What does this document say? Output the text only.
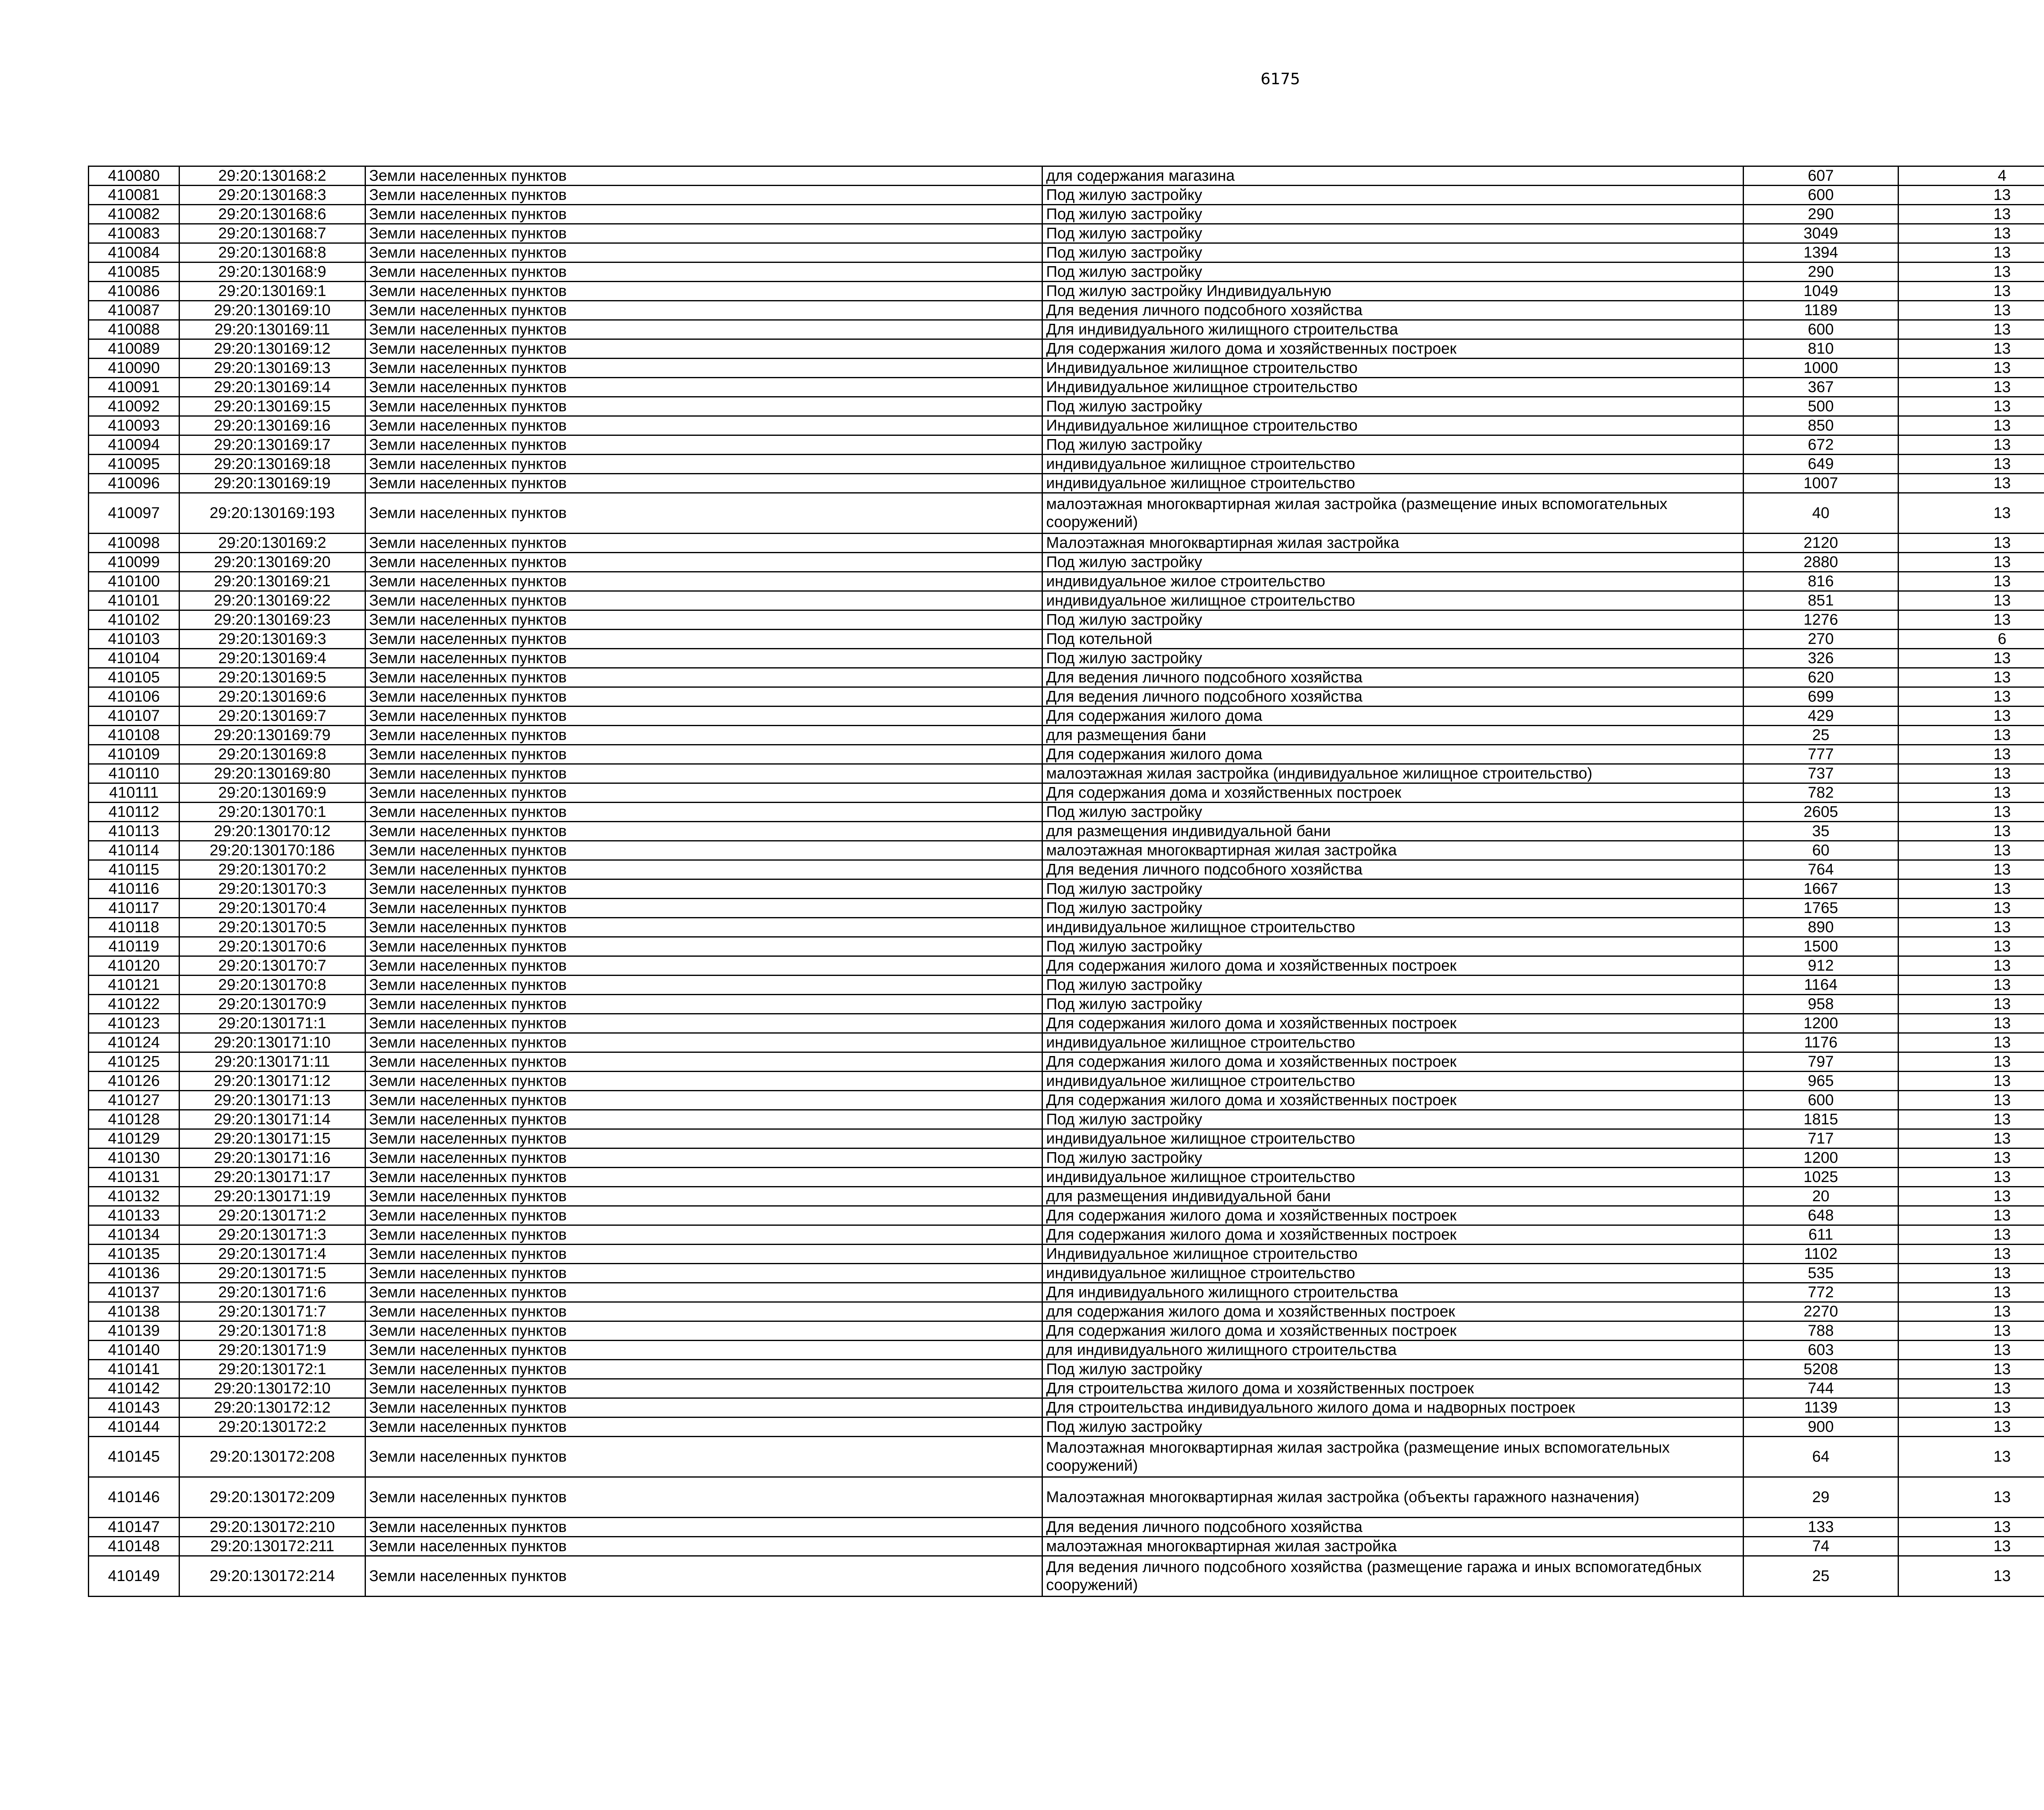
6175
410080	29:20:130168:2	Земли населенных пунктов	для содержания магазина	607	4		
410081	29:20:130168:3	Земли населенных пунктов	Под жилую застройку	600	13		
410082	29:20:130168:6	Земли населенных пунктов	Под жилую застройку	290	13		
410083	29:20:130168:7	Земли населенных пунктов	Под жилую застройку	3049	13		
410084	29:20:130168:8	Земли населенных пунктов	Под жилую застройку	1394	13		
410085	29:20:130168:9	Земли населенных пунктов	Под жилую застройку	290	13		
410086	29:20:130169:1	Земли населенных пунктов	Под жилую застройку Индивидуальную	1049	13		
410087	29:20:130169:10	Земли населенных пунктов	Для ведения личного подсобного хозяйства	1189	13		
410088	29:20:130169:11	Земли населенных пунктов	Для индивидуального жилищного строительства	600	13		
410089	29:20:130169:12	Земли населенных пунктов	Для содержания жилого дома и хозяйственных построек	810	13		
410090	29:20:130169:13	Земли населенных пунктов	Индивидуальное жилищное строительство	1000	13		
410091	29:20:130169:14	Земли населенных пунктов	Индивидуальное жилищное строительство	367	13		
410092	29:20:130169:15	Земли населенных пунктов	Под жилую застройку	500	13		
410093	29:20:130169:16	Земли населенных пунктов	Индивидуальное жилищное строительство	850	13		
410094	29:20:130169:17	Земли населенных пунктов	Под жилую застройку	672	13		
410095	29:20:130169:18	Земли населенных пунктов	индивидуальное жилищное строительство	649	13		
410096	29:20:130169:19	Земли населенных пунктов	индивидуальное жилищное строительство	1007	13		
410097	29:20:130169:193	Земли населенных пунктов	малоэтажная многоквартирная жилая застройка (размещение иных вспомогательных сооружений)	40	13		
410098	29:20:130169:2	Земли населенных пунктов	Малоэтажная многоквартирная жилая застройка	2120	13		
410099	29:20:130169:20	Земли населенных пунктов	Под жилую застройку	2880	13		
410100	29:20:130169:21	Земли населенных пунктов	индивидуальное жилое строительство	816	13		
410101	29:20:130169:22	Земли населенных пунктов	индивидуальное жилищное строительство	851	13		
410102	29:20:130169:23	Земли населенных пунктов	Под жилую застройку	1276	13		
410103	29:20:130169:3	Земли населенных пунктов	Под котельной	270	6		
410104	29:20:130169:4	Земли населенных пунктов	Под жилую застройку	326	13		
410105	29:20:130169:5	Земли населенных пунктов	Для ведения личного подсобного хозяйства	620	13		
410106	29:20:130169:6	Земли населенных пунктов	Для ведения личного подсобного хозяйства	699	13		
410107	29:20:130169:7	Земли населенных пунктов	Для содержания жилого дома	429	13		
410108	29:20:130169:79	Земли населенных пунктов	для размещения бани	25	13		
410109	29:20:130169:8	Земли населенных пунктов	Для содержания жилого дома	777	13		
410110	29:20:130169:80	Земли населенных пунктов	малоэтажная жилая застройка (индивидуальное жилищное строительство)	737	13		
410111	29:20:130169:9	Земли населенных пунктов	Для содержания дома и хозяйственных построек	782	13		
410112	29:20:130170:1	Земли населенных пунктов	Под жилую застройку	2605	13		
410113	29:20:130170:12	Земли населенных пунктов	для размещения индивидуальной бани	35	13		
410114	29:20:130170:186	Земли населенных пунктов	малоэтажная многоквартирная жилая застройка	60	13		
410115	29:20:130170:2	Земли населенных пунктов	Для ведения личного подсобного хозяйства	764	13		
410116	29:20:130170:3	Земли населенных пунктов	Под жилую застройку	1667	13		
410117	29:20:130170:4	Земли населенных пунктов	Под жилую застройку	1765	13		
410118	29:20:130170:5	Земли населенных пунктов	индивидуальное жилищное строительство	890	13		
410119	29:20:130170:6	Земли населенных пунктов	Под жилую застройку	1500	13		
410120	29:20:130170:7	Земли населенных пунктов	Для содержания жилого дома и хозяйственных построек	912	13		
410121	29:20:130170:8	Земли населенных пунктов	Под жилую застройку	1164	13		
410122	29:20:130170:9	Земли населенных пунктов	Под жилую застройку	958	13		
410123	29:20:130171:1	Земли населенных пунктов	Для содержания жилого дома и хозяйственных построек	1200	13		
410124	29:20:130171:10	Земли населенных пунктов	индивидуальное жилищное строительство	1176	13		
410125	29:20:130171:11	Земли населенных пунктов	Для содержания жилого дома и хозяйственных построек	797	13		
410126	29:20:130171:12	Земли населенных пунктов	индивидуальное жилищное строительство	965	13		
410127	29:20:130171:13	Земли населенных пунктов	Для содержания жилого дома и хозяйственных построек	600	13		
410128	29:20:130171:14	Земли населенных пунктов	Под жилую застройку	1815	13		
410129	29:20:130171:15	Земли населенных пунктов	индивидуальное жилищное строительство	717	13		
410130	29:20:130171:16	Земли населенных пунктов	Под жилую застройку	1200	13		
410131	29:20:130171:17	Земли населенных пунктов	индивидуальное жилищное строительство	1025	13		
410132	29:20:130171:19	Земли населенных пунктов	для размещения индивидуальной бани	20	13		
410133	29:20:130171:2	Земли населенных пунктов	Для содержания жилого дома и хозяйственных построек	648	13		
410134	29:20:130171:3	Земли населенных пунктов	Для содержания жилого дома и хозяйственных построек	611	13		
410135	29:20:130171:4	Земли населенных пунктов	Индивидуальное жилищное строительство	1102	13		
410136	29:20:130171:5	Земли населенных пунктов	индивидуальное жилищное строительство	535	13		
410137	29:20:130171:6	Земли населенных пунктов	Для индивидуального жилищного строительства	772	13		
410138	29:20:130171:7	Земли населенных пунктов	для содержания жилого дома и хозяйственных построек	2270	13		
410139	29:20:130171:8	Земли населенных пунктов	Для содержания жилого дома и хозяйственных построек	788	13		
410140	29:20:130171:9	Земли населенных пунктов	для индивидуального жилищного строительства	603	13		
410141	29:20:130172:1	Земли населенных пунктов	Под жилую застройку	5208	13		
410142	29:20:130172:10	Земли населенных пунктов	Для строительства жилого дома и хозяйственных построек	744	13		
410143	29:20:130172:12	Земли населенных пунктов	Для строительства индивидуального жилого дома и надворных построек	1139	13		
410144	29:20:130172:2	Земли населенных пунктов	Под жилую застройку	900	13		
410145	29:20:130172:208	Земли населенных пунктов	Малоэтажная многоквартирная жилая застройка (размещение иных вспомогательных сооружений)	64	13		
410146	29:20:130172:209	Земли населенных пунктов	Малоэтажная многоквартирная жилая застройка (объекты гаражного назначения)	29	13		
410147	29:20:130172:210	Земли населенных пунктов	Для ведения личного подсобного хозяйства	133	13		
410148	29:20:130172:211	Земли населенных пунктов	малоэтажная многоквартирная жилая застройка	74	13		
410149	29:20:130172:214	Земли населенных пунктов	Для ведения личного подсобного хозяйства (размещение гаража и иных вспомогатедбных сооружений)	25	13		
